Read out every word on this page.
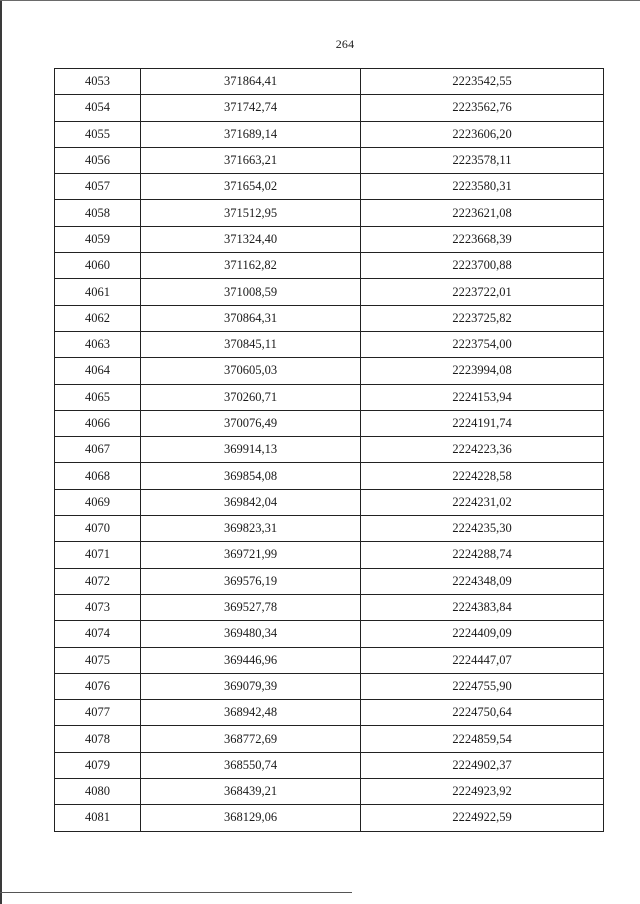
264
4053	371864,41	2223542,55
4054	371742,74	2223562,76
4055	371689,14	2223606,20
4056	371663,21	2223578,11
4057	371654,02	2223580,31
4058	371512,95	2223621,08
4059	371324,40	2223668,39
4060	371162,82	2223700,88
4061	371008,59	2223722,01
4062	370864,31	2223725,82
4063	370845,11	2223754,00
4064	370605,03	2223994,08
4065	370260,71	2224153,94
4066	370076,49	2224191,74
4067	369914,13	2224223,36
4068	369854,08	2224228,58
4069	369842,04	2224231,02
4070	369823,31	2224235,30
4071	369721,99	2224288,74
4072	369576,19	2224348,09
4073	369527,78	2224383,84
4074	369480,34	2224409,09
4075	369446,96	2224447,07
4076	369079,39	2224755,90
4077	368942,48	2224750,64
4078	368772,69	2224859,54
4079	368550,74	2224902,37
4080	368439,21	2224923,92
4081	368129,06	2224922,59
